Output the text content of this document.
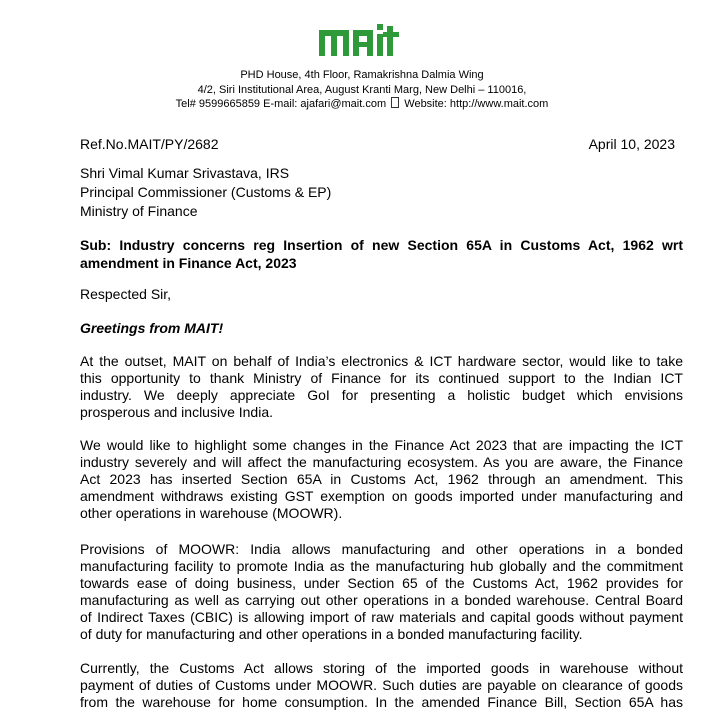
MAIT
PHD House, 4th Floor, Ramakrishna Dalmia Wing
4/2, Siri Institutional Area, August Kranti Marg, New Delhi – 110016,
Tel# 9599665859 E-mail: ajafari@mait.com Website: http://www.mait.com
Ref.No.MAIT/PY/2682	April 10, 2023
Shri Vimal Kumar Srivastava, IRS
Principal Commissioner (Customs & EP)
Ministry of Finance
Sub: Industry concerns reg Insertion of new Section 65A in Customs Act, 1962 wrt
amendment in Finance Act, 2023
Respected Sir,
Greetings from MAIT!
At the outset, MAIT on behalf of India’s electronics & ICT hardware sector, would like to take
this opportunity to thank Ministry of Finance for its continued support to the Indian ICT
industry. We deeply appreciate GoI for presenting a holistic budget which envisions
prosperous and inclusive India.
We would like to highlight some changes in the Finance Act 2023 that are impacting the ICT
industry severely and will affect the manufacturing ecosystem. As you are aware, the Finance
Act 2023 has inserted Section 65A in Customs Act, 1962 through an amendment. This
amendment withdraws existing GST exemption on goods imported under manufacturing and
other operations in warehouse (MOOWR).
Provisions of MOOWR: India allows manufacturing and other operations in a bonded
manufacturing facility to promote India as the manufacturing hub globally and the commitment
towards ease of doing business, under Section 65 of the Customs Act, 1962 provides for
manufacturing as well as carrying out other operations in a bonded warehouse. Central Board
of Indirect Taxes (CBIC) is allowing import of raw materials and capital goods without payment
of duty for manufacturing and other operations in a bonded manufacturing facility.
Currently, the Customs Act allows storing of the imported goods in warehouse without
payment of duties of Customs under MOOWR. Such duties are payable on clearance of goods
from the warehouse for home consumption. In the amended Finance Bill, Section 65A has
